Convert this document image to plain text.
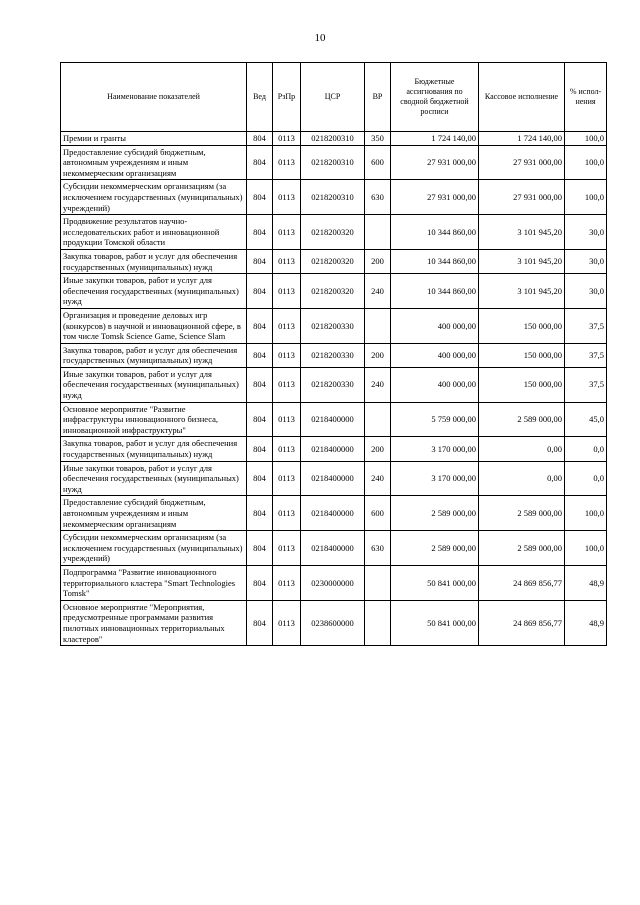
10
Наименование показателей	Вед	РзПр	ЦСР	ВР	Бюджетные ассигнования по сводной бюджетной росписи	Кассовое исполнение	% испол-нения
Премии и гранты	804	0113	0218200310	350	1 724 140,00	1 724 140,00	100,0
Предоставление субсидий бюджетным, автономным учреждениям и иным некоммерческим организациям	804	0113	0218200310	600	27 931 000,00	27 931 000,00	100,0
Субсидии некоммерческим организациям (за исключением государственных (муниципальных) учреждений)	804	0113	0218200310	630	27 931 000,00	27 931 000,00	100,0
Продвижение результатов научно-исследовательских работ и инновационной продукции Томской области	804	0113	0218200320		10 344 860,00	3 101 945,20	30,0
Закупка товаров, работ и услуг для обеспечения государственных (муниципальных) нужд	804	0113	0218200320	200	10 344 860,00	3 101 945,20	30,0
Иные закупки товаров, работ и услуг для обеспечения государственных (муниципальных) нужд	804	0113	0218200320	240	10 344 860,00	3 101 945,20	30,0
Организация и проведение деловых игр (конкурсов) в научной и инновационной сфере, в том числе Tomsk Science Game, Science Slam	804	0113	0218200330		400 000,00	150 000,00	37,5
Закупка товаров, работ и услуг для обеспечения государственных (муниципальных) нужд	804	0113	0218200330	200	400 000,00	150 000,00	37,5
Иные закупки товаров, работ и услуг для обеспечения государственных (муниципальных) нужд	804	0113	0218200330	240	400 000,00	150 000,00	37,5
Основное мероприятие "Развитие инфраструктуры инновационного бизнеса, инновационной инфраструктуры"	804	0113	0218400000		5 759 000,00	2 589 000,00	45,0
Закупка товаров, работ и услуг для обеспечения государственных (муниципальных) нужд	804	0113	0218400000	200	3 170 000,00	0,00	0,0
Иные закупки товаров, работ и услуг для обеспечения государственных (муниципальных) нужд	804	0113	0218400000	240	3 170 000,00	0,00	0,0
Предоставление субсидий бюджетным, автономным учреждениям и иным некоммерческим организациям	804	0113	0218400000	600	2 589 000,00	2 589 000,00	100,0
Субсидии некоммерческим организациям (за исключением государственных (муниципальных) учреждений)	804	0113	0218400000	630	2 589 000,00	2 589 000,00	100,0
Подпрограмма "Развитие инновационного территориального кластера "Smart Technologies Tomsk"	804	0113	0230000000		50 841 000,00	24 869 856,77	48,9
Основное мероприятие "Мероприятия, предусмотренные программами развития пилотных инновационных территориальных кластеров"	804	0113	0238600000		50 841 000,00	24 869 856,77	48,9
